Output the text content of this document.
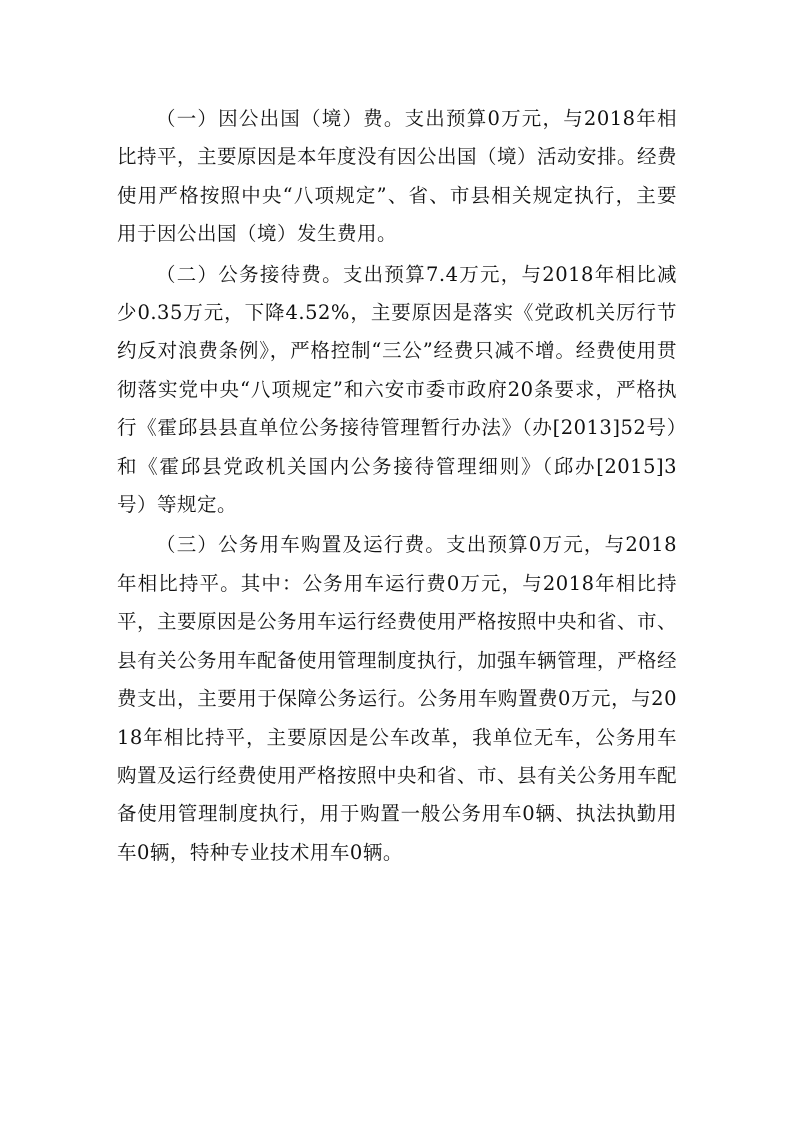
（一）因公出国（境）费。支出预算0万元，与2018年相比持平，主要原因是本年度没有因公出国（境）活动安排。经费使用严格按照中央“八项规定”、省、市县相关规定执行，主要用于因公出国（境）发生费用。

（二）公务接待费。支出预算7.4万元，与2018年相比减少0.35万元，下降4.52%，主要原因是落实《党政机关厉行节约反对浪费条例》，严格控制“三公”经费只减不增。经费使用贯彻落实党中央“八项规定”和六安市委市政府20条要求，严格执行《霍邱县县直单位公务接待管理暂行办法》（办[2013]52号）和《霍邱县党政机关国内公务接待管理细则》（邱办[2015]3号）等规定。

（三）公务用车购置及运行费。支出预算0万元，与2018年相比持平。其中：公务用车运行费0万元，与2018年相比持平，主要原因是公务用车运行经费使用严格按照中央和省、市、县有关公务用车配备使用管理制度执行，加强车辆管理，严格经费支出，主要用于保障公务运行。公务用车购置费0万元，与2018年相比持平，主要原因是公车改革，我单位无车，公务用车购置及运行经费使用严格按照中央和省、市、县有关公务用车配备使用管理制度执行，用于购置一般公务用车0辆、执法执勤用车0辆，特种专业技术用车0辆。
